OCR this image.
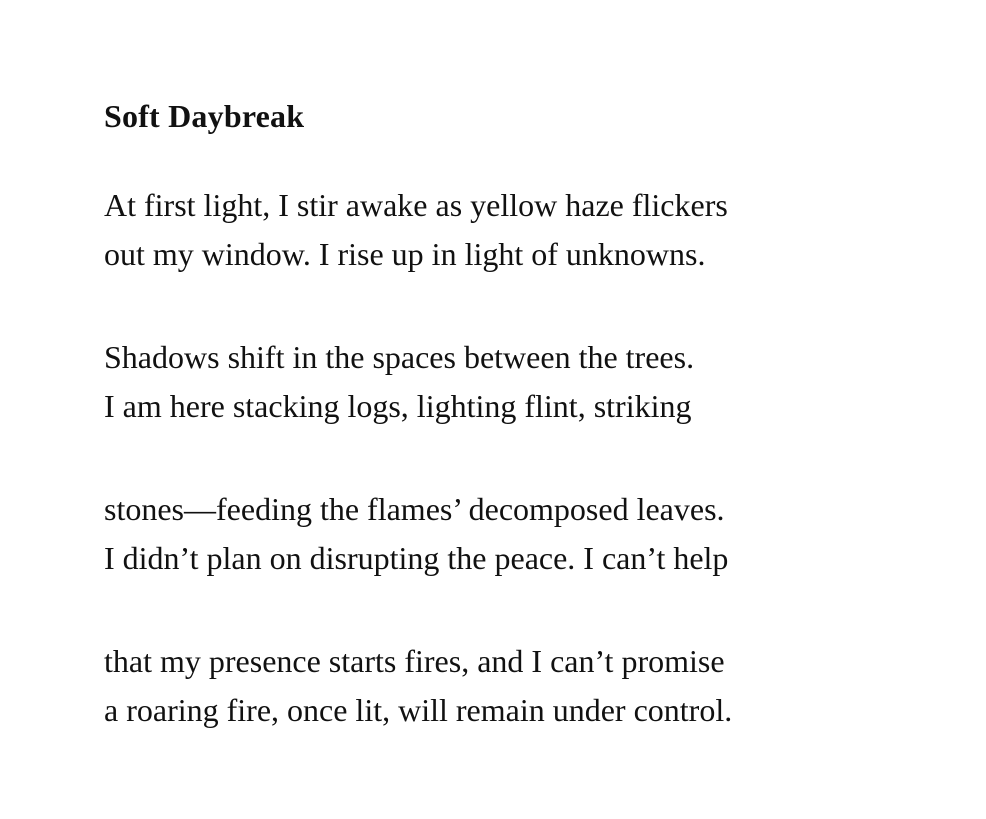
Soft Daybreak
At first light, I stir awake as yellow haze flickers
out my window. I rise up in light of unknowns.
Shadows shift in the spaces between the trees.
I am here stacking logs, lighting flint, striking
stones—feeding the flames’ decomposed leaves.
I didn’t plan on disrupting the peace. I can’t help
that my presence starts fires, and I can’t promise
a roaring fire, once lit, will remain under control.
